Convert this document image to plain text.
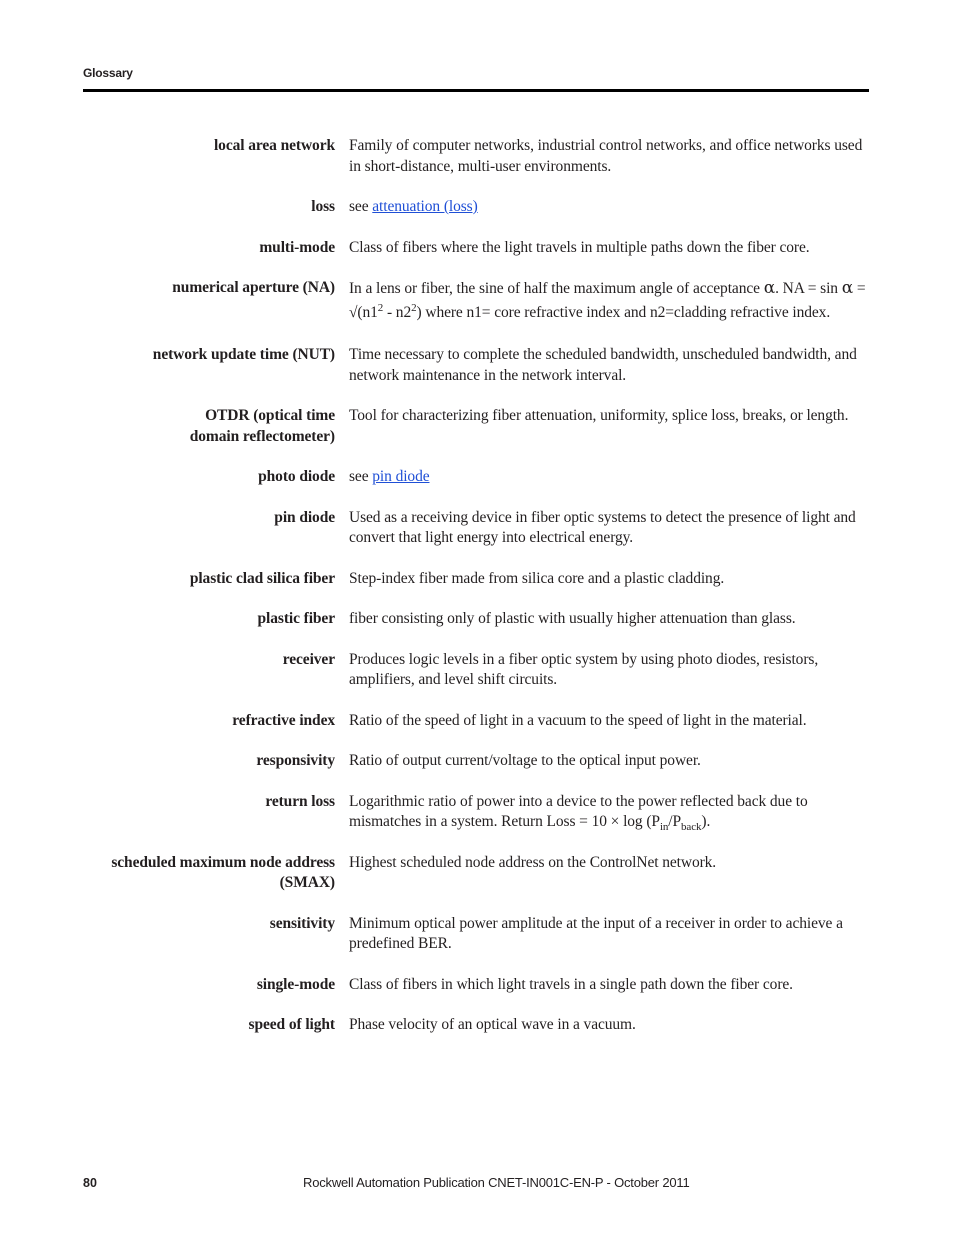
Glossary
local area network Family of computer networks, industrial control networks, and office networks used in short-distance, multi-user environments.
loss see attenuation (loss)
multi-mode Class of fibers where the light travels in multiple paths down the fiber core.
numerical aperture (NA) In a lens or fiber, the sine of half the maximum angle of acceptance α. NA = $\sin \alpha = √(n1^2 - n2^2)$ where n1= core refractive index and n2=cladding refractive index.
network update time (NUT) Time necessary to complete the scheduled bandwidth, unscheduled bandwidth, and network maintenance in the network interval.
OTDR (optical time
domain reflectometer)
Tool for characterizing fiber attenuation, uniformity, splice loss, breaks, or length.
photo diode see pin diode
pin diode Used as a receiving device in fiber optic systems to detect the presence of light and convert that light energy into electrical energy.
plastic clad silica fiber Step-index fiber made from silica core and a plastic cladding.
plastic fiber fiber consisting only of plastic with usually higher attenuation than glass.
receiver Produces logic levels in a fiber optic system by using photo diodes, resistors, amplifiers, and level shift circuits.
refractive index Ratio of the speed of light in a vacuum to the speed of light in the material.
responsivity Ratio of output current/voltage to the optical input power.
return loss Logarithmic ratio of power into a device to the power reflected back due to mismatches in a system. Return Loss = $10 \times \log (P_{in}/P_{back})$.
scheduled maximum node address
(SMAX)
Highest scheduled node address on the ControlNet network.
sensitivity Minimum optical power amplitude at the input of a receiver in order to achieve a predefined BER.
single-mode Class of fibers in which light travels in a single path down the fiber core.
speed of light Phase velocity of an optical wave in a vacuum.
80	Rockwell Automation Publication CNET-IN001C-EN-P - October 2011
